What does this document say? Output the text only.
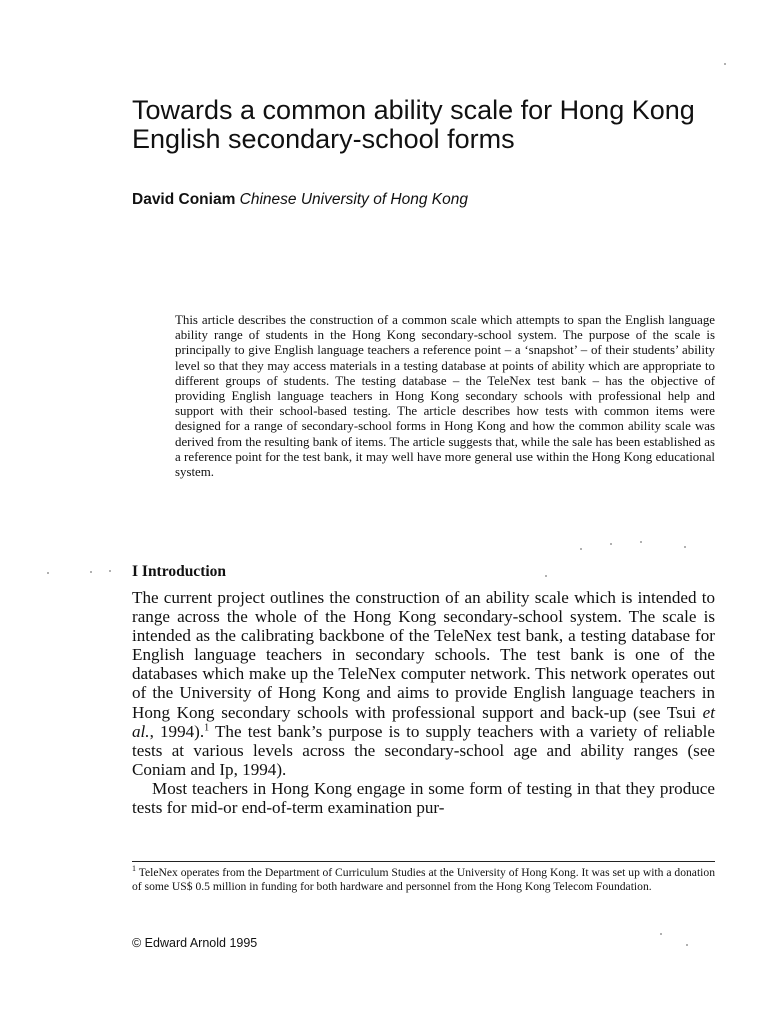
Towards a common ability scale for Hong Kong English secondary-school forms
David Coniam Chinese University of Hong Kong

This article describes the construction of a common scale which attempts to span the English language ability range of students in the Hong Kong secondary-school system. The purpose of the scale is principally to give English language teachers a reference point – a ‘snapshot’ – of their students’ ability level so that they may access materials in a testing database at points of ability which are appropriate to different groups of students. The testing database – the TeleNex test bank – has the objective of providing English language teachers in Hong Kong secondary schools with professional help and support with their school-based testing. The article describes how tests with common items were designed for a range of secondary-school forms in Hong Kong and how the common ability scale was derived from the resulting bank of items. The article suggests that, while the sale has been established as a reference point for the test bank, it may well have more general use within the Hong Kong educational system.

I Introduction

The current project outlines the construction of an ability scale which is intended to range across the whole of the Hong Kong secondary-school system. The scale is intended as the calibrating backbone of the TeleNex test bank, a testing database for English language teachers in secondary schools. The test bank is one of the databases which make up the TeleNex computer network. This network operates out of the University of Hong Kong and aims to provide English language teachers in Hong Kong secondary schools with professional support and back-up (see Tsui et al., 1994).$^1$ The test bank’s purpose is to supply teachers with a variety of reliable tests at various levels across the secondary-school age and ability ranges (see Coniam and Ip, 1994).

Most teachers in Hong Kong engage in some form of testing in that they produce tests for mid-or end-of-term examination pur-

$^1$ TeleNex operates from the Department of Curriculum Studies at the University of Hong Kong. It was set up with a donation of some US$ 0.5 million in funding for both hardware and personnel from the Hong Kong Telecom Foundation.

© Edward Arnold 1995
